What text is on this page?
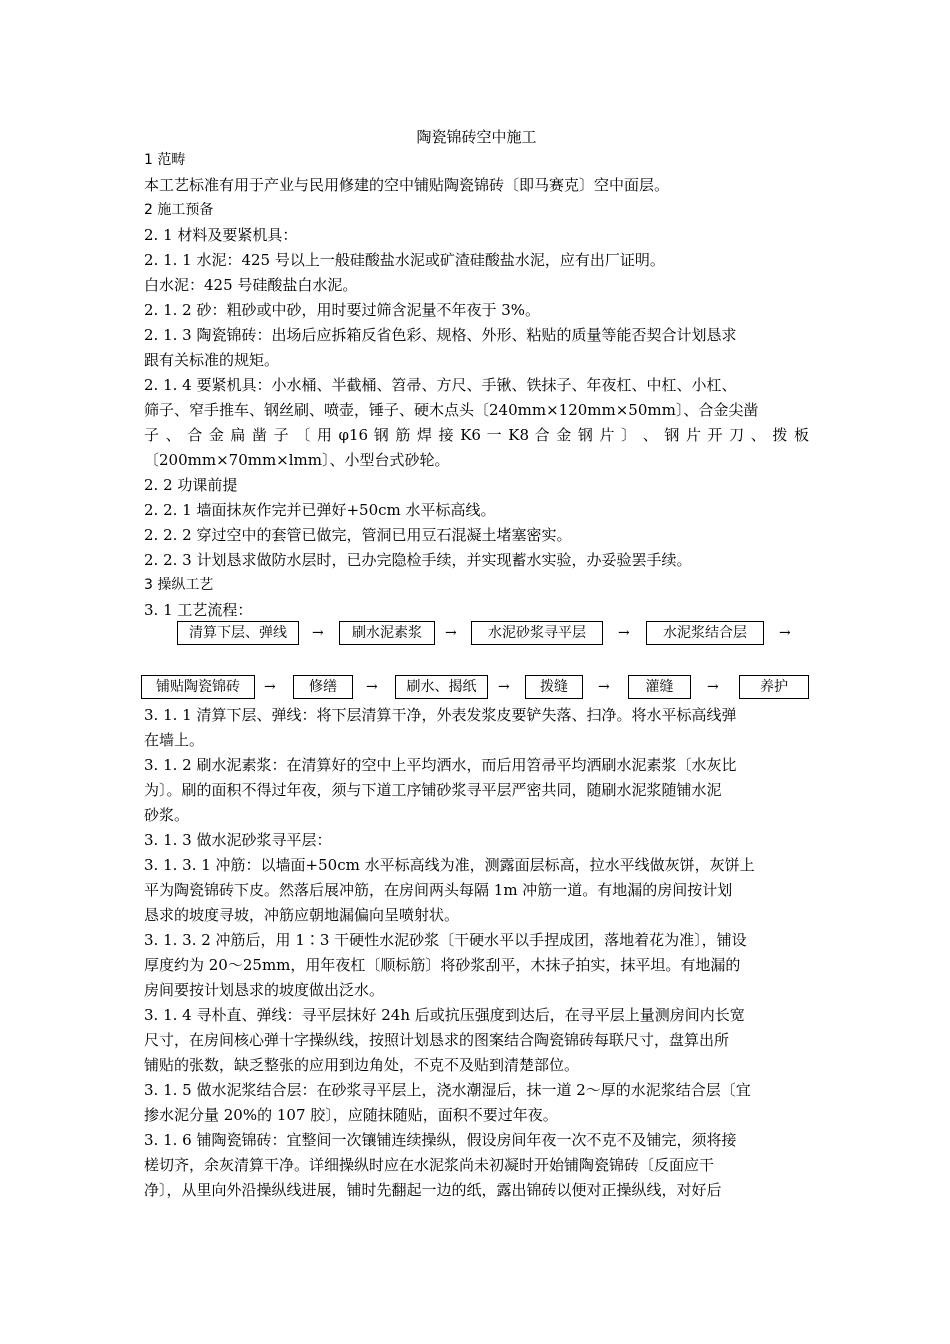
陶瓷锦砖空中施工
1 范畴
本工艺标准有用于产业与民用修建的空中铺贴陶瓷锦砖〔即马赛克〕空中面层。
2 施工预备
2. 1 材料及要紧机具：
2. 1. 1 水泥：425 号以上一般硅酸盐水泥或矿渣硅酸盐水泥，应有出厂证明。
白水泥：425 号硅酸盐白水泥。
2. 1. 2 砂：粗砂或中砂，用时要过筛含泥量不年夜于 3%。
2. 1. 3 陶瓷锦砖：出场后应拆箱反省色彩、规格、外形、粘贴的质量等能否契合计划恳求
跟有关标准的规矩。
2. 1. 4 要紧机具：小水桶、半截桶、笤帚、方尺、手锹、铁抹子、年夜杠、中杠、小杠、
筛子、窄手推车、钢丝刷、喷壶，锤子、硬木点头〔240mm×120mm×50mm〕、合金尖凿
子 、 合 金 扁 凿 子 〔 用 φ16 钢 筋 焊 接 K6 一 K8 合 金 钢 片 〕 、 钢 片 开 刀 、 拨 板
〔200mm×70mm×lmm〕、小型台式砂轮。
2. 2 功课前提
2. 2. 1 墙面抹灰作完并已弹好+50cm 水平标高线。
2. 2. 2 穿过空中的套管已做完，管洞已用豆石混凝土堵塞密实。
2. 2. 3 计划恳求做防水层时，已办完隐检手续，并实现蓄水实验，办妥验罢手续。
3 操纵工艺
3. 1 工艺流程：
清算下层、弹线	→	刷水泥素浆	→	水泥砂浆寻平层	→	水泥浆结合层	→
铺贴陶瓷锦砖	→	修缮	→	刷水、揭纸	→	拨缝	→	灌缝	→	养护
3. 1. 1 清算下层、弹线：将下层清算干净，外表发浆皮要铲失落、扫净。将水平标高线弹
在墙上。
3. 1. 2 刷水泥素浆：在清算好的空中上平均洒水，而后用笤帚平均洒刷水泥素浆〔水灰比
为〕。刷的面积不得过年夜，须与下道工序铺砂浆寻平层严密共同，随刷水泥浆随铺水泥
砂浆。
3. 1. 3 做水泥砂浆寻平层：
3. 1. 3. 1 冲筋：以墙面+50cm 水平标高线为准，测露面层标高，拉水平线做灰饼，灰饼上
平为陶瓷锦砖下皮。然落后展冲筋，在房间两头每隔 1m 冲筋一道。有地漏的房间按计划
恳求的坡度寻坡，冲筋应朝地漏偏向呈喷射状。
3. 1. 3. 2 冲筋后，用 1∶3 干硬性水泥砂浆〔干硬水平以手捏成团，落地着花为准〕，铺设
厚度约为 20～25mm，用年夜杠〔顺标筋〕将砂浆刮平，木抹子拍实，抹平坦。有地漏的
房间要按计划恳求的坡度做出泛水。
3. 1. 4 寻朴直、弹线：寻平层抹好 24h 后或抗压强度到达后，在寻平层上量测房间内长宽
尺寸，在房间核心弹十字操纵线，按照计划恳求的图案结合陶瓷锦砖每联尺寸，盘算出所
铺贴的张数，缺乏整张的应用到边角处，不克不及贴到清楚部位。
3. 1. 5 做水泥浆结合层：在砂浆寻平层上，浇水潮湿后，抹一道 2～厚的水泥浆结合层〔宜
掺水泥分量 20%的 107 胶〕，应随抹随贴，面积不要过年夜。
3. 1. 6 铺陶瓷锦砖：宜整间一次镶铺连续操纵，假设房间年夜一次不克不及铺完，须将接
槎切齐，余灰清算干净。详细操纵时应在水泥浆尚未初凝时开始铺陶瓷锦砖〔反面应干
净〕，从里向外沿操纵线进展，铺时先翻起一边的纸，露出锦砖以便对正操纵线，对好后
